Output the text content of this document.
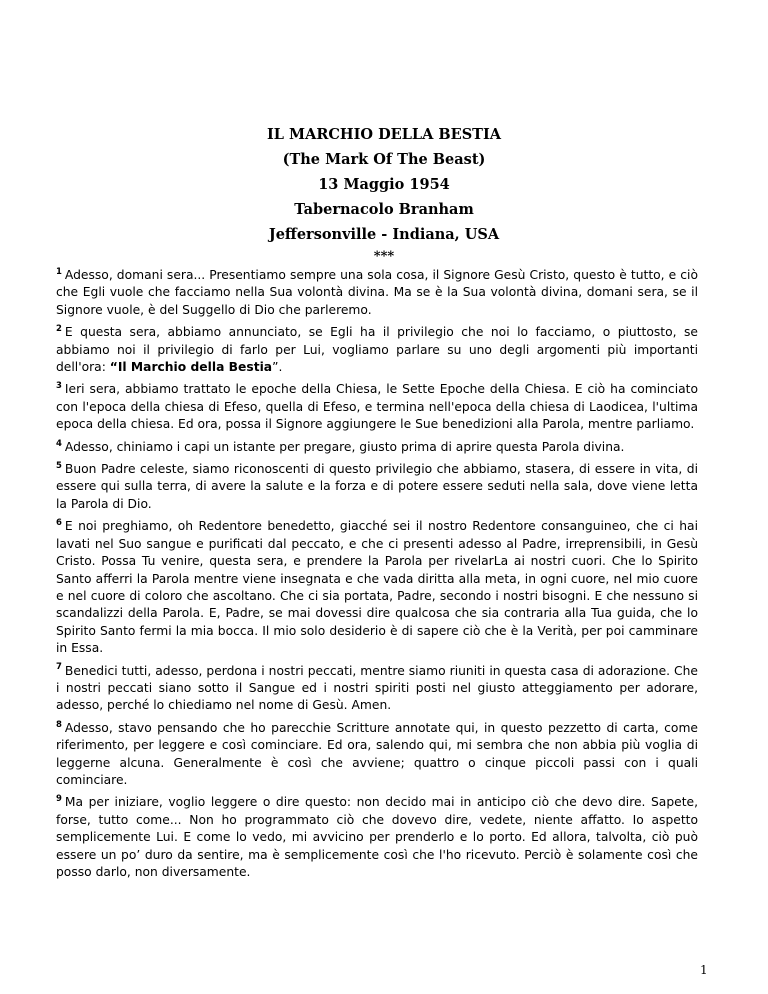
IL MARCHIO DELLA BESTIA
(The Mark Of The Beast)
13 Maggio 1954
Tabernacolo Branham
Jeffersonville - Indiana, USA
***

$^1$ Adesso, domani sera... Presentiamo sempre una sola cosa, il Signore Gesù Cristo, questo è tutto, e ciò che Egli vuole che facciamo nella Sua volontà divina. Ma se è la Sua volontà divina, domani sera, se il Signore vuole, è del Suggello di Dio che parleremo.

$^2$ E questa sera, abbiamo annunciato, se Egli ha il privilegio che noi lo facciamo, o piuttosto, se abbiamo noi il privilegio di farlo per Lui, vogliamo parlare su uno degli argomenti più importanti dell'ora: “Il Marchio della Bestia”.

$^3$ Ieri sera, abbiamo trattato le epoche della Chiesa, le Sette Epoche della Chiesa. E ciò ha cominciato con l'epoca della chiesa di Efeso, quella di Efeso, e termina nell'epoca della chiesa di Laodicea, l'ultima epoca della chiesa. Ed ora, possa il Signore aggiungere le Sue benedizioni alla Parola, mentre parliamo.

$^4$ Adesso, chiniamo i capi un istante per pregare, giusto prima di aprire questa Parola divina.

$^5$ Buon Padre celeste, siamo riconoscenti di questo privilegio che abbiamo, stasera, di essere in vita, di essere qui sulla terra, di avere la salute e la forza e di potere essere seduti nella sala, dove viene letta la Parola di Dio.

$^6$ E noi preghiamo, oh Redentore benedetto, giacché sei il nostro Redentore consanguineo, che ci hai lavati nel Suo sangue e purificati dal peccato, e che ci presenti adesso al Padre, irreprensibili, in Gesù Cristo. Possa Tu venire, questa sera, e prendere la Parola per rivelarLa ai nostri cuori. Che lo Spirito Santo afferri la Parola mentre viene insegnata e che vada diritta alla meta, in ogni cuore, nel mio cuore e nel cuore di coloro che ascoltano. Che ci sia portata, Padre, secondo i nostri bisogni. E che nessuno si scandalizzi della Parola. E, Padre, se mai dovessi dire qualcosa che sia contraria alla Tua guida, che lo Spirito Santo fermi la mia bocca. Il mio solo desiderio è di sapere ciò che è la Verità, per poi camminare in Essa.

$^7$ Benedici tutti, adesso, perdona i nostri peccati, mentre siamo riuniti in questa casa di adorazione. Che i nostri peccati siano sotto il Sangue ed i nostri spiriti posti nel giusto atteggiamento per adorare, adesso, perché lo chiediamo nel nome di Gesù. Amen.

$^8$ Adesso, stavo pensando che ho parecchie Scritture annotate qui, in questo pezzetto di carta, come riferimento, per leggere e così cominciare. Ed ora, salendo qui, mi sembra che non abbia più voglia di leggerne alcuna. Generalmente è così che avviene; quattro o cinque piccoli passi con i quali cominciare.

$^9$ Ma per iniziare, voglio leggere o dire questo: non decido mai in anticipo ciò che devo dire. Sapete, forse, tutto come... Non ho programmato ciò che dovevo dire, vedete, niente affatto. Io aspetto semplicemente Lui. E come lo vedo, mi avvicino per prenderlo e lo porto. Ed allora, talvolta, ciò può essere un po’ duro da sentire, ma è semplicemente così che l'ho ricevuto. Perciò è solamente così che posso darlo, non diversamente.

1
